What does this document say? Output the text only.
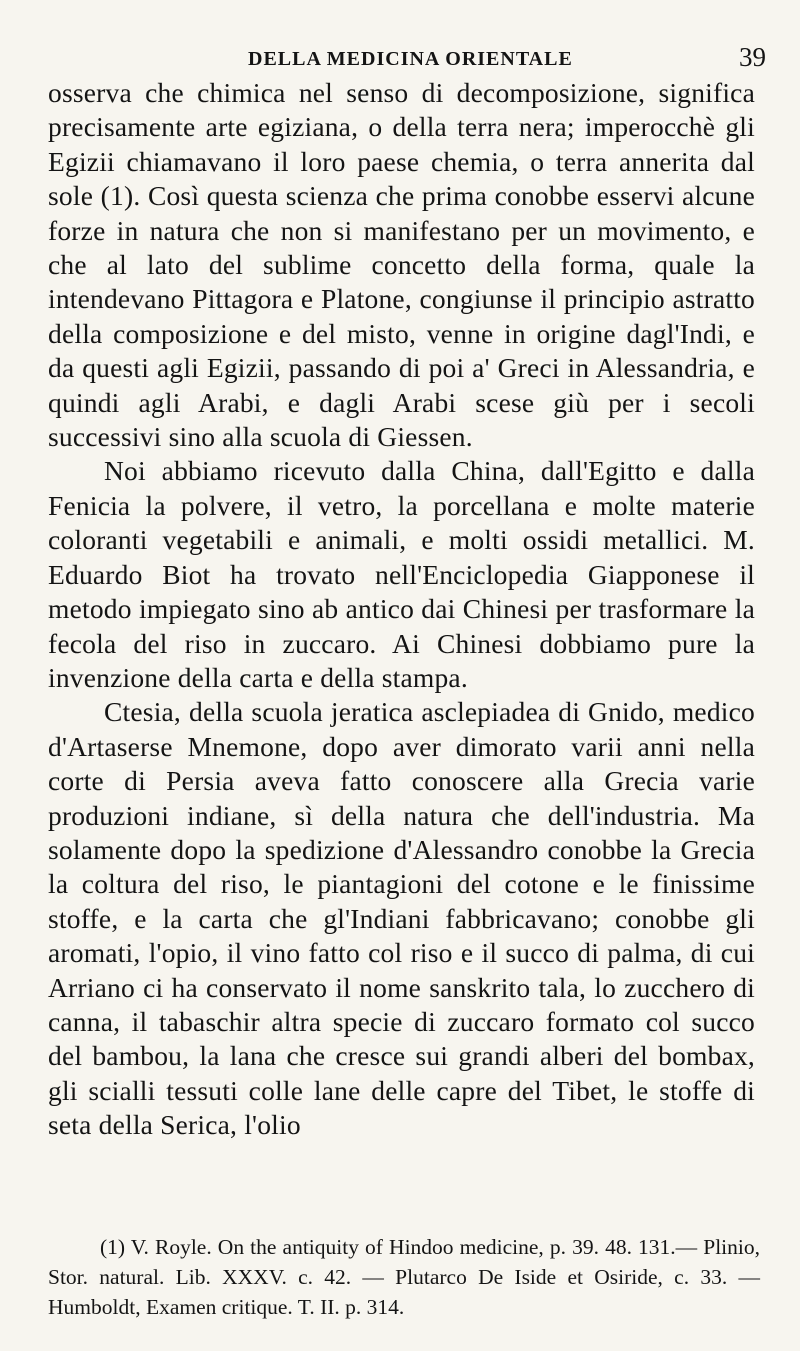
DELLA MEDICINA ORIENTALE	39

osserva che chimica nel senso di decomposizione, significa precisamente arte egiziana, o della terra nera; imperocchè gli Egizii chiamavano il loro paese chemia, o terra annerita dal sole (1). Così questa scienza che prima conobbe esservi alcune forze in natura che non si manifestano per un movimento, e che al lato del sublime concetto della forma, quale la intendevano Pittagora e Platone, congiunse il principio astratto della composizione e del misto, venne in origine dagl'Indi, e da questi agli Egizii, passando di poi a' Greci in Alessandria, e quindi agli Arabi, e dagli Arabi scese giù per i secoli successivi sino alla scuola di Giessen.

Noi abbiamo ricevuto dalla China, dall'Egitto e dalla Fenicia la polvere, il vetro, la porcellana e molte materie coloranti vegetabili e animali, e molti ossidi metallici. M. Eduardo Biot ha trovato nell'Enciclopedia Giapponese il metodo impiegato sino ab antico dai Chinesi per trasformare la fecola del riso in zuccaro. Ai Chinesi dobbiamo pure la invenzione della carta e della stampa.

Ctesia, della scuola jeratica asclepiadea di Gnido, medico d'Artaserse Mnemone, dopo aver dimorato varii anni nella corte di Persia aveva fatto conoscere alla Grecia varie produzioni indiane, sì della natura che dell'industria. Ma solamente dopo la spedizione d'Alessandro conobbe la Grecia la coltura del riso, le piantagioni del cotone e le finissime stoffe, e la carta che gl'Indiani fabbricavano; conobbe gli aromati, l'opio, il vino fatto col riso e il succo di palma, di cui Arriano ci ha conservato il nome sanskrito tala, lo zucchero di canna, il tabaschir altra specie di zuccaro formato col succo del bambou, la lana che cresce sui grandi alberi del bombax, gli scialli tessuti colle lane delle capre del Tibet, le stoffe di seta della Serica, l'olio

(1) V. Royle. On the antiquity of Hindoo medicine, p. 39. 48. 131.— Plinio, Stor. natural. Lib. XXXV. c. 42. — Plutarco De Iside et Osiride, c. 33. — Humboldt, Examen critique. T. II. p. 314.
